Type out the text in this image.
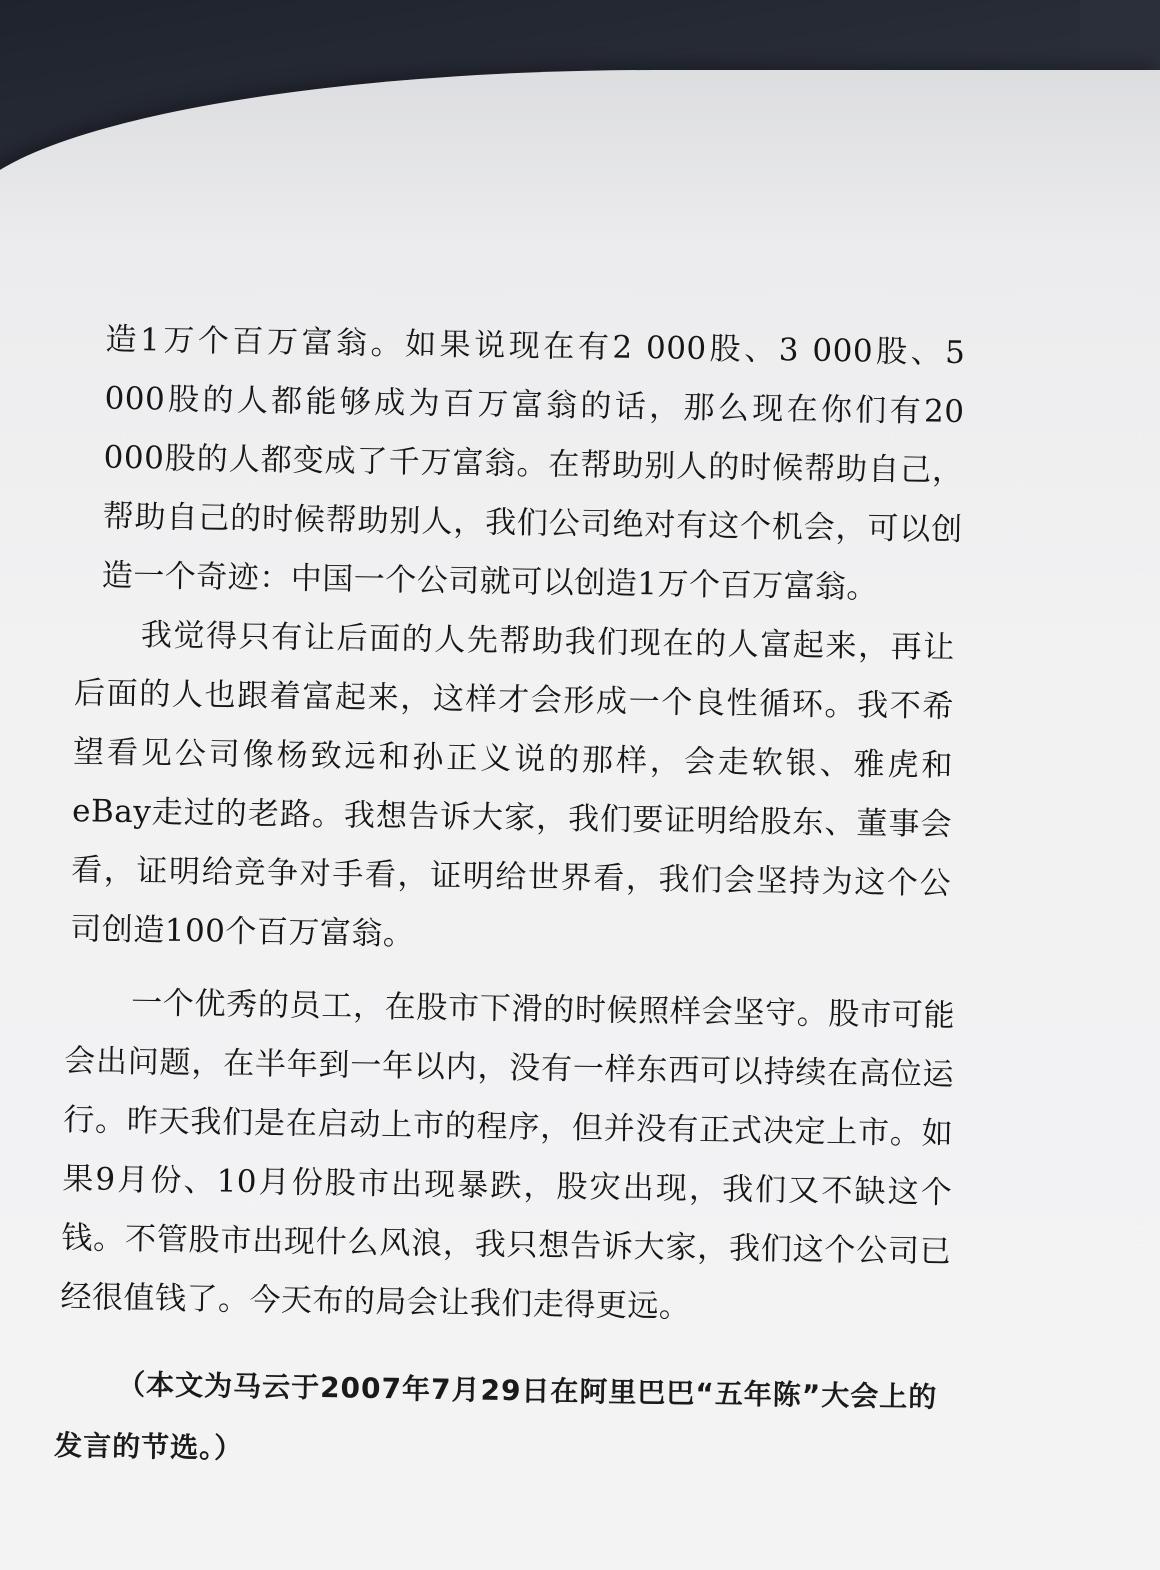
造1万个百万富翁。如果说现在有2 000股、3 000股、5 000股的人都能够成为百万富翁的话，那么现在你们有20 000股的人都变成了千万富翁。在帮助别人的时候帮助自己，帮助自己的时候帮助别人，我们公司绝对有这个机会，可以创造一个奇迹：中国一个公司就可以创造1万个百万富翁。

我觉得只有让后面的人先帮助我们现在的人富起来，再让后面的人也跟着富起来，这样才会形成一个良性循环。我不希望看见公司像杨致远和孙正义说的那样，会走软银、雅虎和eBay走过的老路。我想告诉大家，我们要证明给股东、董事会看，证明给竞争对手看，证明给世界看，我们会坚持为这个公司创造100个百万富翁。

一个优秀的员工，在股市下滑的时候照样会坚守。股市可能会出问题，在半年到一年以内，没有一样东西可以持续在高位运行。昨天我们是在启动上市的程序，但并没有正式决定上市。如果9月份、10月份股市出现暴跌，股灾出现，我们又不缺这个钱。不管股市出现什么风浪，我只想告诉大家，我们这个公司已经很值钱了。今天布的局会让我们走得更远。

（本文为马云于2007年7月29日在阿里巴巴“五年陈”大会上的发言的节选。）
